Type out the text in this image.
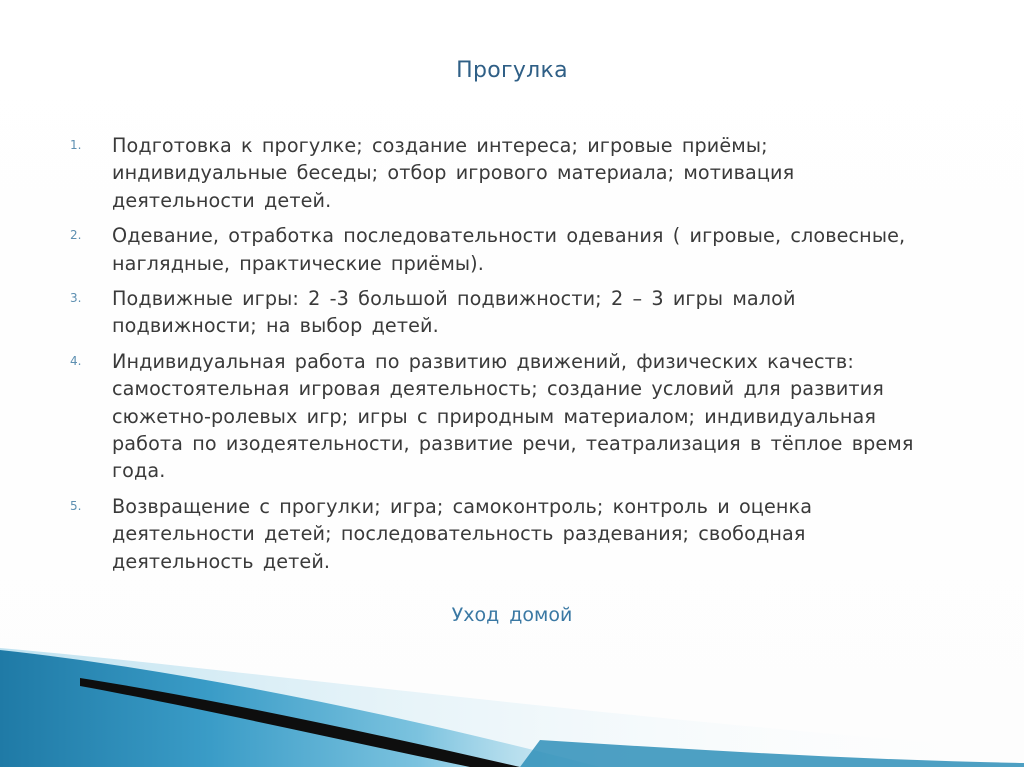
Прогулка
1.	Подготовка к прогулке; создание интереса; игровые приёмы; индивидуальные беседы; отбор игрового материала; мотивация деятельности детей.
2.	Одевание, отработка последовательности одевания ( игровые, словесные, наглядные, практические приёмы).
3.	Подвижные игры: 2 -3 большой подвижности; 2 – 3 игры малой подвижности; на выбор детей.
4.	Индивидуальная работа по развитию движений, физических качеств: самостоятельная игровая деятельность; создание условий для развития сюжетно-ролевых игр; игры с природным материалом; индивидуальная работа по изодеятельности, развитие речи, театрализация в тёплое время года.
5.	Возвращение с прогулки; игра; самоконтроль; контроль и оценка деятельности детей; последовательность раздевания; свободная деятельность детей.
Уход домой
